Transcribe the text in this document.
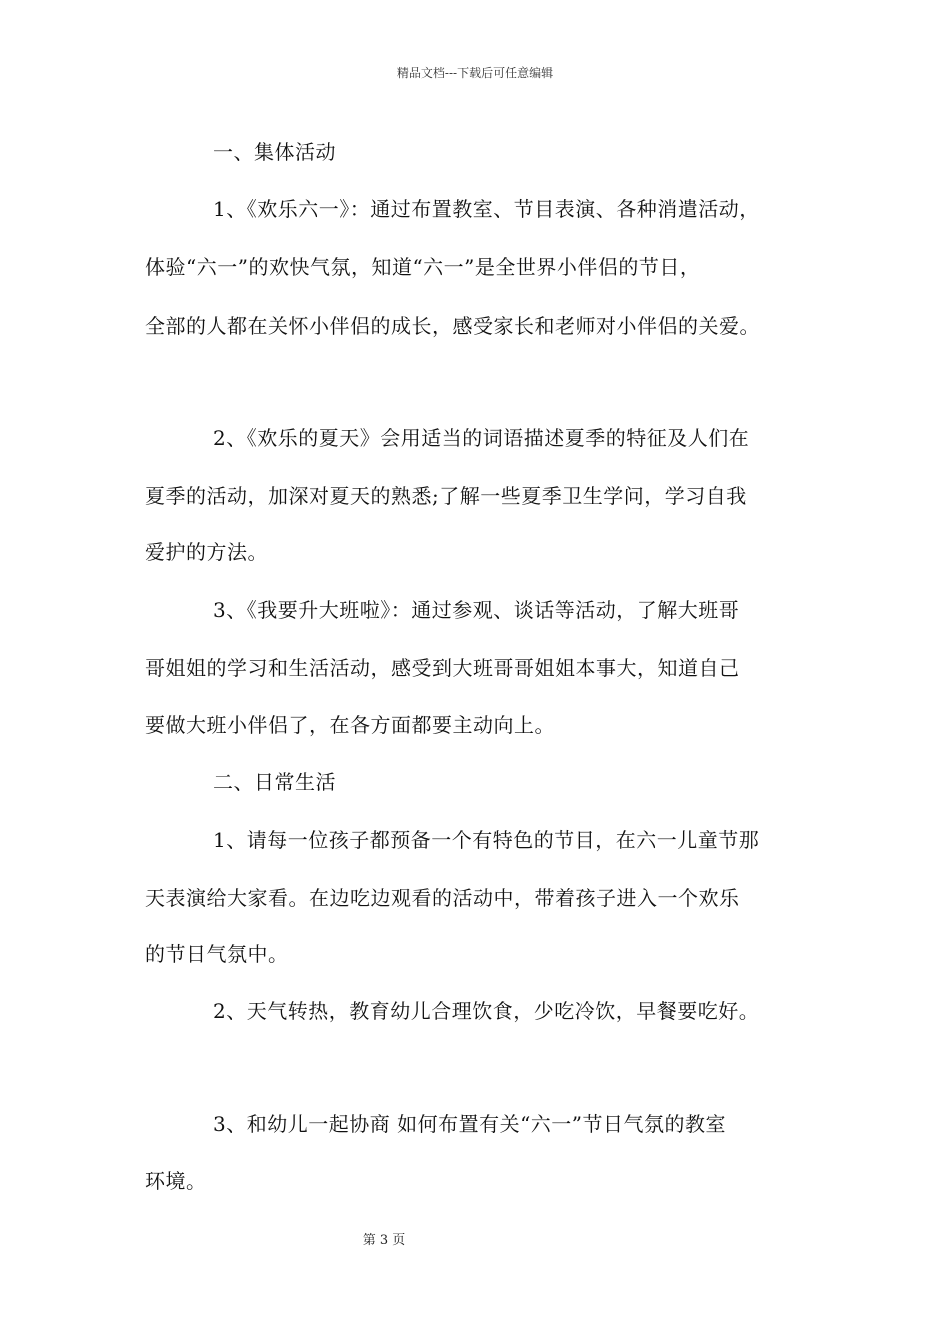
精品文档---下载后可任意编辑
一、集体活动
1、《欢乐六一》：通过布置教室、节目表演、各种消遣活动，
体验“六一”的欢快气氛，知道“六一”是全世界小伴侣的节日，
全部的人都在关怀小伴侣的成长，感受家长和老师对小伴侣的关爱。
2、《欢乐的夏天》会用适当的词语描述夏季的特征及人们在
夏季的活动，加深对夏天的熟悉;了解一些夏季卫生学问，学习自我
爱护的方法。
3、《我要升大班啦》：通过参观、谈话等活动，了解大班哥
哥姐姐的学习和生活活动，感受到大班哥哥姐姐本事大，知道自己
要做大班小伴侣了，在各方面都要主动向上。
二、日常生活
1、请每一位孩子都预备一个有特色的节目，在六一儿童节那
天表演给大家看。在边吃边观看的活动中，带着孩子进入一个欢乐
的节日气氛中。
2、天气转热，教育幼儿合理饮食，少吃冷饮，早餐要吃好。
3、和幼儿一起协商 如何布置有关“六一”节日气氛的教室
环境。
第 3 页
